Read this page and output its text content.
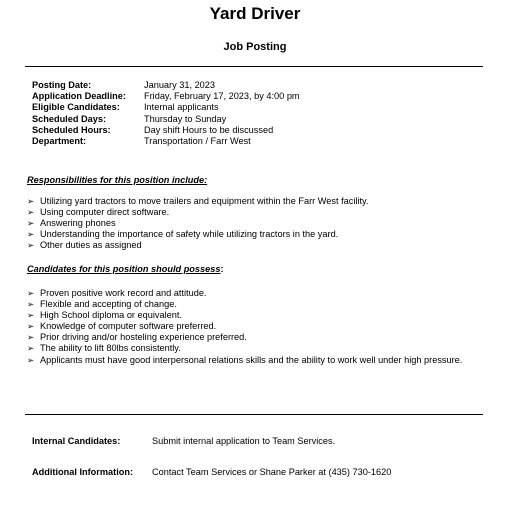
Yard Driver
Job Posting
Posting Date:	January 31, 2023
Application Deadline:	Friday, February 17, 2023, by 4:00 pm
Eligible Candidates:	Internal applicants
Scheduled Days:	Thursday to Sunday
Scheduled Hours:	Day shift Hours to be discussed
Department:	Transportation / Farr West
Responsibilities for this position include:
➢ Utilizing yard tractors to move trailers and equipment within the Farr West facility.
➢ Using computer direct software.
➢ Answering phones
➢ Understanding the importance of safety while utilizing tractors in the yard.
➢ Other duties as assigned
Candidates for this position should possess:
➢ Proven positive work record and attitude.
➢ Flexible and accepting of change.
➢ High School diploma or equivalent.
➢ Knowledge of computer software preferred.
➢ Prior driving and/or hosteling experience preferred.
➢ The ability to lift 80lbs consistently.
➢ Applicants must have good interpersonal relations skills and the ability to work well under high pressure.
Internal Candidates:	Submit internal application to Team Services.
Additional Information:	Contact Team Services or Shane Parker at (435) 730-1620
